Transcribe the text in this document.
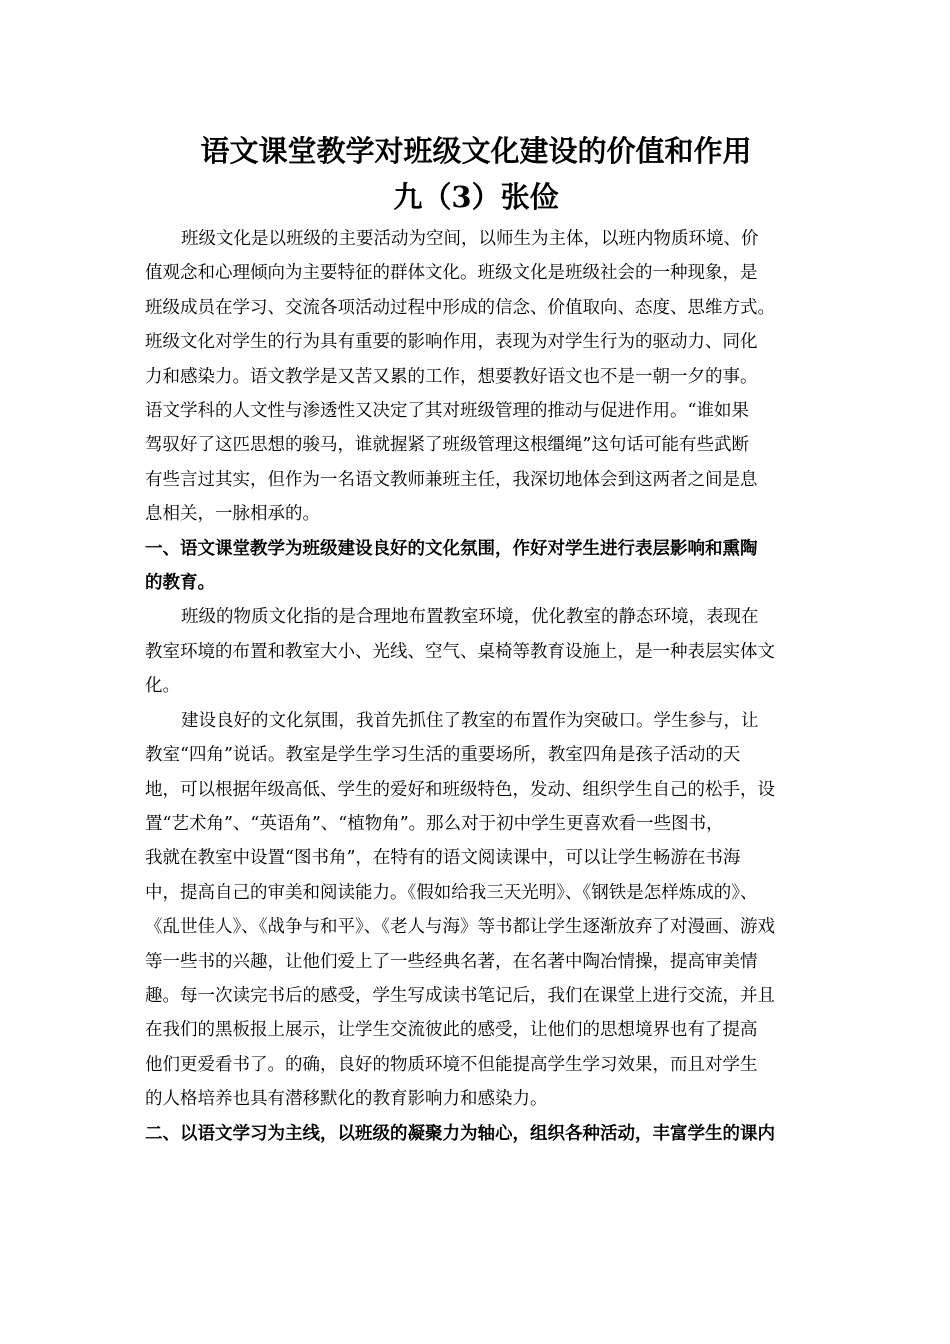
语文课堂教学对班级文化建设的价值和作用
九（3）张俭
班级文化是以班级的主要活动为空间，以师生为主体，以班内物质环境、价
值观念和心理倾向为主要特征的群体文化。班级文化是班级社会的一种现象，是
班级成员在学习、交流各项活动过程中形成的信念、价值取向、态度、思维方式。
班级文化对学生的行为具有重要的影响作用，表现为对学生行为的驱动力、同化
力和感染力。语文教学是又苦又累的工作，想要教好语文也不是一朝一夕的事。
语文学科的人文性与渗透性又决定了其对班级管理的推动与促进作用。“谁如果
驾驭好了这匹思想的骏马，谁就握紧了班级管理这根缰绳”这句话可能有些武断
有些言过其实，但作为一名语文教师兼班主任，我深切地体会到这两者之间是息
息相关，一脉相承的。
一、语文课堂教学为班级建设良好的文化氛围，作好对学生进行表层影响和熏陶
的教育。
班级的物质文化指的是合理地布置教室环境，优化教室的静态环境，表现在
教室环境的布置和教室大小、光线、空气、桌椅等教育设施上，是一种表层实体文
化。
建设良好的文化氛围，我首先抓住了教室的布置作为突破口。学生参与，让
教室“四角”说话。教室是学生学习生活的重要场所，教室四角是孩子活动的天
地，可以根据年级高低、学生的爱好和班级特色，发动、组织学生自己的松手，设
置“艺术角”、“英语角”、“植物角”。那么对于初中学生更喜欢看一些图书，
我就在教室中设置“图书角”，在特有的语文阅读课中，可以让学生畅游在书海
中，提高自己的审美和阅读能力。《假如给我三天光明》、《钢铁是怎样炼成的》、
《乱世佳人》、《战争与和平》、《老人与海》等书都让学生逐渐放弃了对漫画、游戏
等一些书的兴趣，让他们爱上了一些经典名著，在名著中陶冶情操，提高审美情
趣。每一次读完书后的感受，学生写成读书笔记后，我们在课堂上进行交流，并且
在我们的黑板报上展示，让学生交流彼此的感受，让他们的思想境界也有了提高
他们更爱看书了。的确，良好的物质环境不但能提高学生学习效果，而且对学生
的人格培养也具有潜移默化的教育影响力和感染力。
二、以语文学习为主线，以班级的凝聚力为轴心，组织各种活动，丰富学生的课内
